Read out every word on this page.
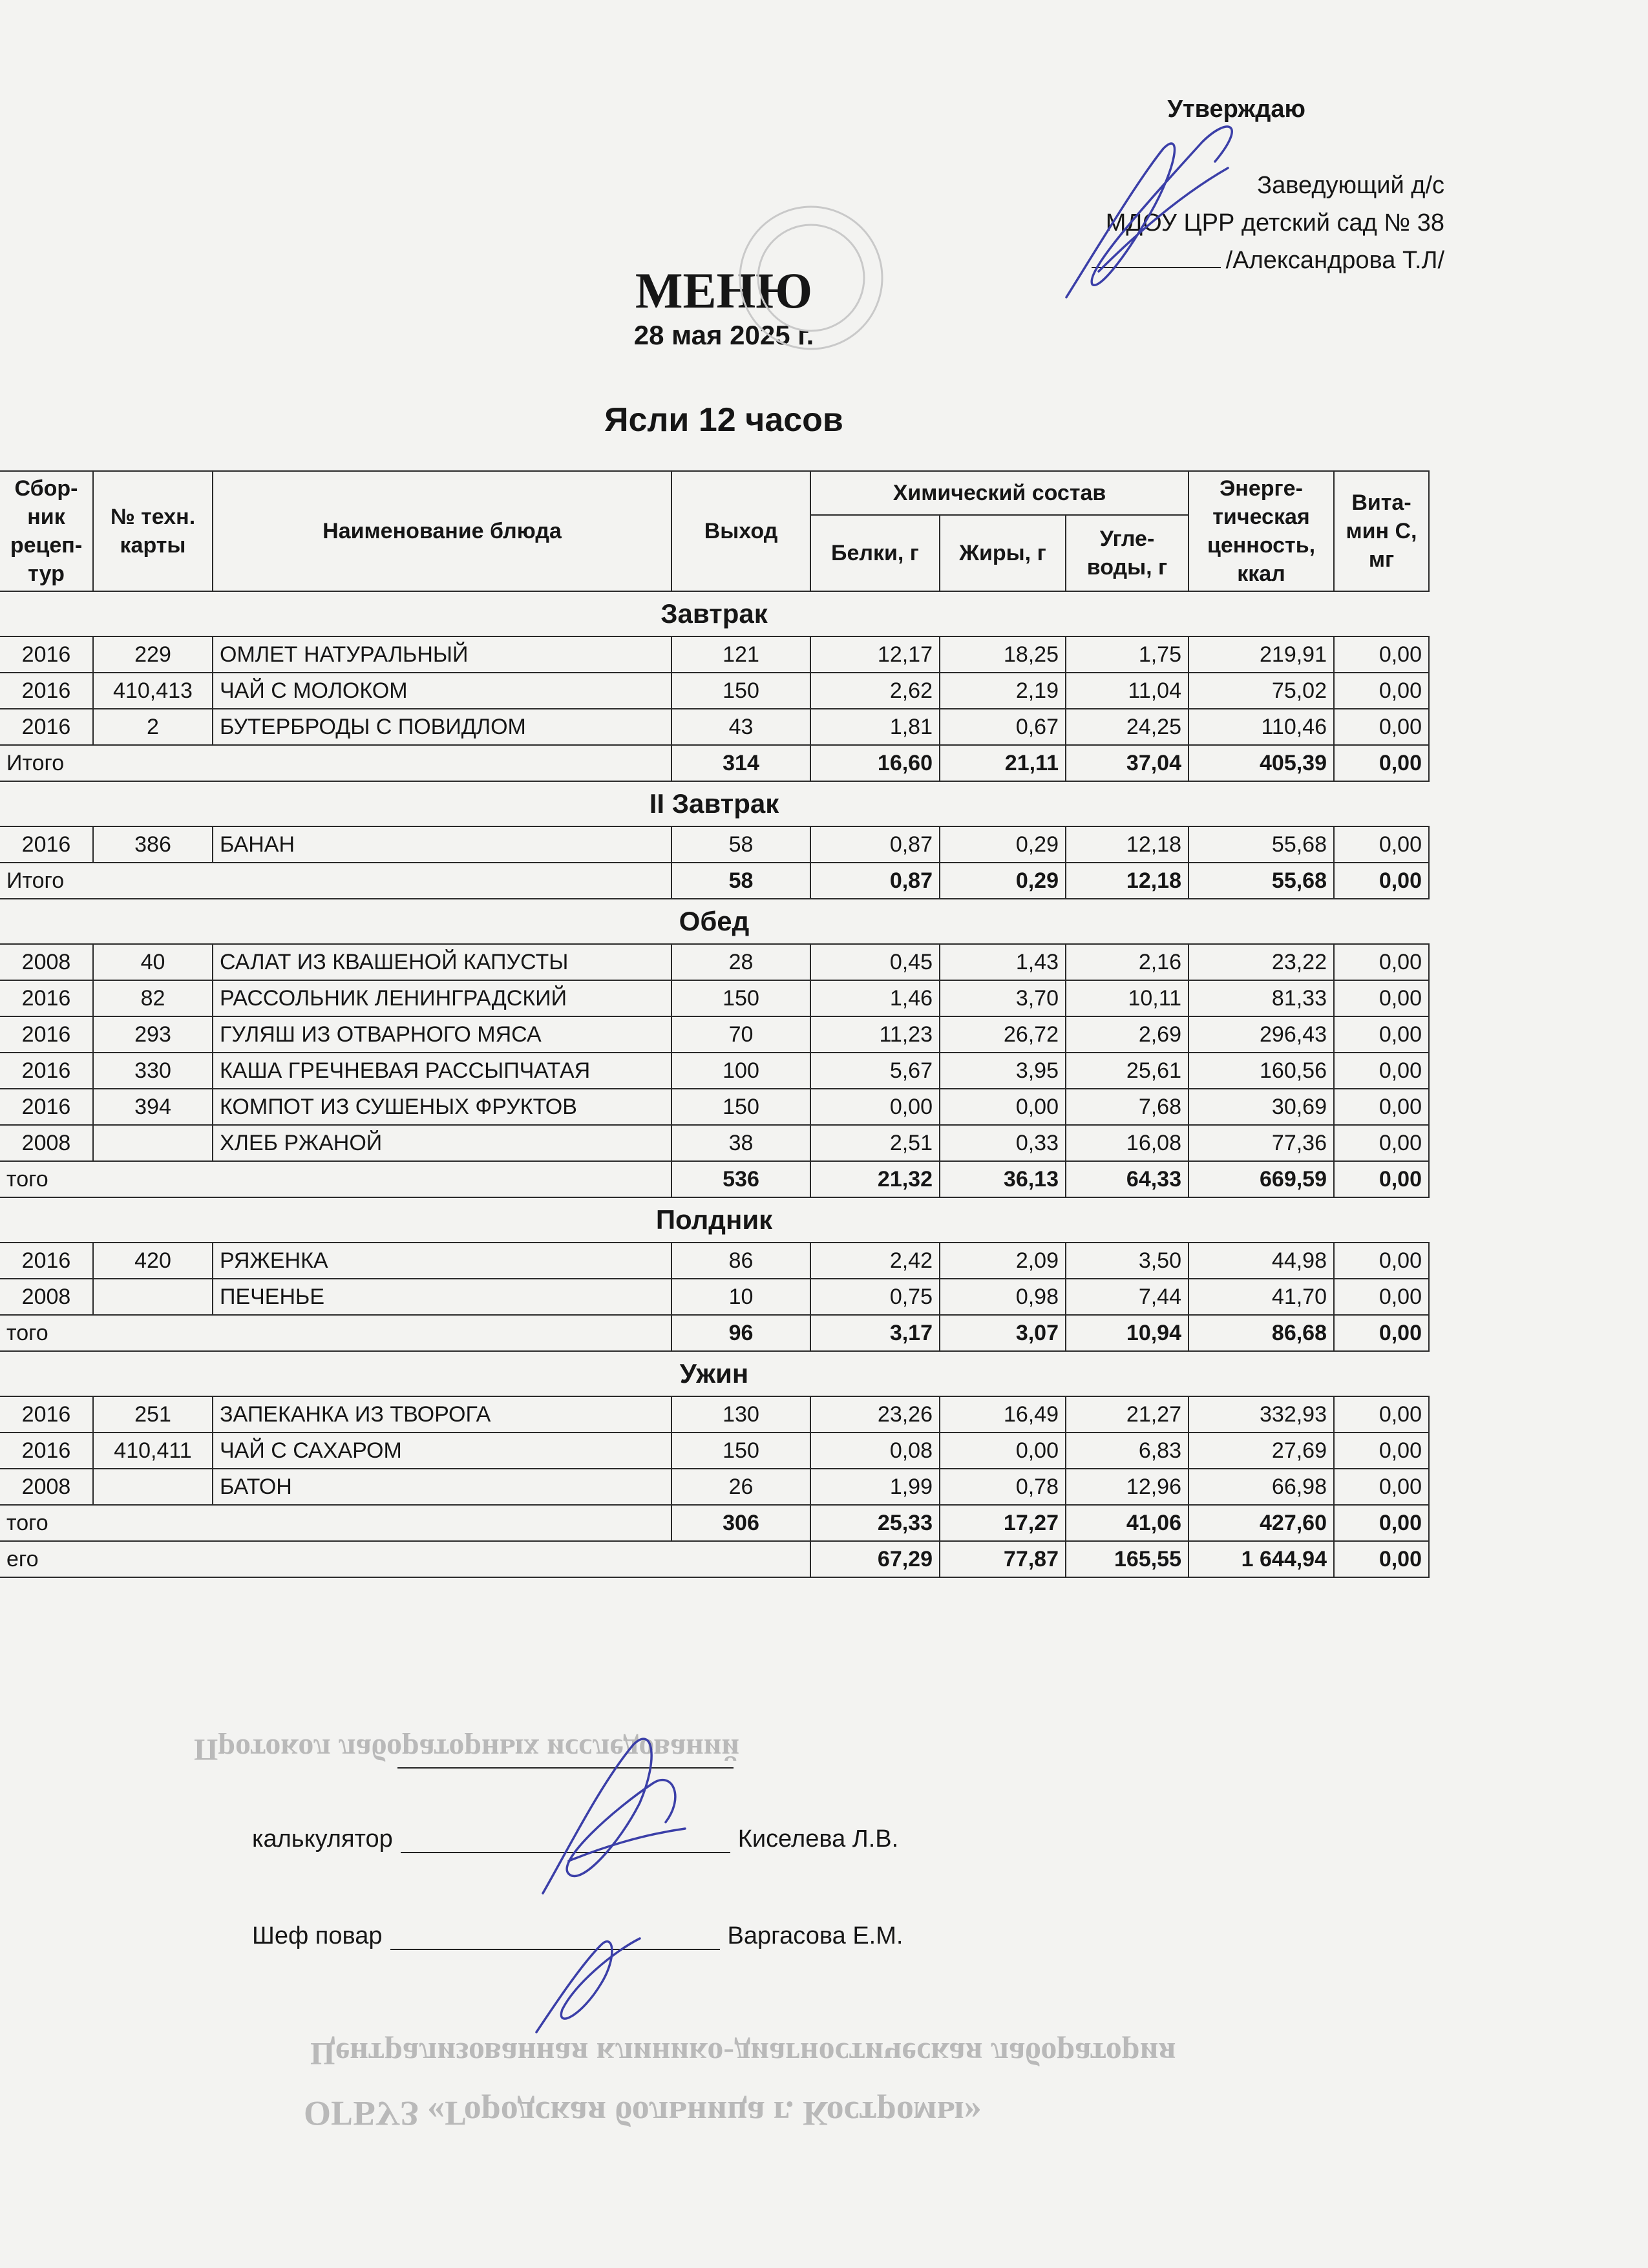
ОГБУЗ «Городская больница г. Костромы»
Централизованная клинико-диагностическая лаборатория
Протокол лабораторных исследований
Утверждаю
Заведующий д/с
МДОУ ЦРР детский сад № 38
/Александрова Т.Л/
МЕНЮ
28 мая 2025 г.
Ясли 12 часов
Сбор-ник рецеп-тур	№ техн. карты	Наименование блюда	Выход	Химический состав			Энерге-тическая ценность, ккал	Вита-мин С, мг
				Белки, г	Жиры, г	Угле-воды, г		
Завтрак								
2016	229	ОМЛЕТ НАТУРАЛЬНЫЙ	121	12,17	18,25	1,75	219,91	0,00
2016	410,413	ЧАЙ С МОЛОКОМ	150	2,62	2,19	11,04	75,02	0,00
2016	2	БУТЕРБРОДЫ С ПОВИДЛОМ	43	1,81	0,67	24,25	110,46	0,00
Итого			314	16,60	21,11	37,04	405,39	0,00
II Завтрак								
2016	386	БАНАН	58	0,87	0,29	12,18	55,68	0,00
Итого			58	0,87	0,29	12,18	55,68	0,00
Обед								
2008	40	САЛАТ ИЗ КВАШЕНОЙ КАПУСТЫ	28	0,45	1,43	2,16	23,22	0,00
2016	82	РАССОЛЬНИК ЛЕНИНГРАДСКИЙ	150	1,46	3,70	10,11	81,33	0,00
2016	293	ГУЛЯШ ИЗ ОТВАРНОГО МЯСА	70	11,23	26,72	2,69	296,43	0,00
2016	330	КАША ГРЕЧНЕВАЯ РАССЫПЧАТАЯ	100	5,67	3,95	25,61	160,56	0,00
2016	394	КОМПОТ ИЗ СУШЕНЫХ ФРУКТОВ	150	0,00	0,00	7,68	30,69	0,00
2008		ХЛЕБ РЖАНОЙ	38	2,51	0,33	16,08	77,36	0,00
того			536	21,32	36,13	64,33	669,59	0,00
Полдник								
2016	420	РЯЖЕНКА	86	2,42	2,09	3,50	44,98	0,00
2008		ПЕЧЕНЬЕ	10	0,75	0,98	7,44	41,70	0,00
того			96	3,17	3,07	10,94	86,68	0,00
Ужин								
2016	251	ЗАПЕКАНКА ИЗ ТВОРОГА	130	23,26	16,49	21,27	332,93	0,00
2016	410,411	ЧАЙ С САХАРОМ	150	0,08	0,00	6,83	27,69	0,00
2008		БАТОН	26	1,99	0,78	12,96	66,98	0,00
того			306	25,33	17,27	41,06	427,60	0,00
его				67,29	77,87	165,55	1 644,94	0,00
калькулятор	Киселева Л.В.
Шеф повар	Варгасова Е.М.
